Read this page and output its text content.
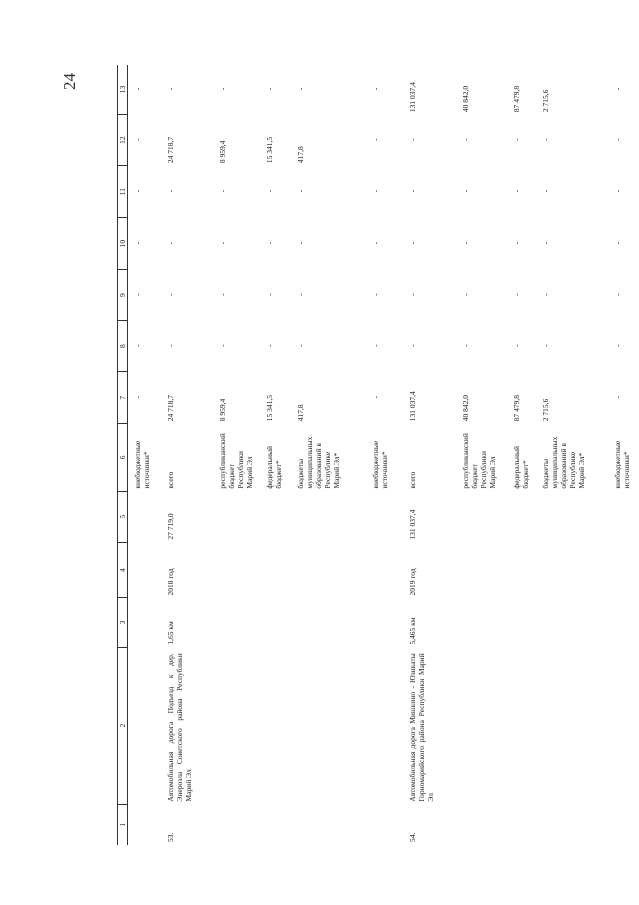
24
1
2
3
4
5
6
7
8
9
10
11
12
13
внебюджетные источники*
-
-
-
-
-
-
-
53.
Автомобильная дорога Подъезд к дер. Энерозла Советского района Республики Марий Эл
1,65 км
2018 год
27 719,0
всего
24 718,7
-
-
-
-
24 718,7
-
республиканский бюджет Республики Марий Эл
8 959,4
-
-
-
-
8 959,4
-
федеральный бюджет*
15 341,5
-
-
-
-
15 341,5
-
бюджеты муниципальных образований в Республике Марий Эл*
417,8
-
-
-
-
417,8
-
внебюджетные источники*
-
-
-
-
-
-
-
54.
Автомобильная дорога Мишкино - Юзикаты Горномарийского района Республики Марий Эл
5,465 км
2019 год
131 037,4
всего
131 037,4
-
-
-
-
-
131 037,4
республиканский бюджет Республики Марий Эл
40 842,0
-
-
-
-
-
40 842,0
федеральный бюджет*
87 479,8
-
-
-
-
-
87 479,8
бюджеты муниципальных образований в Республике Марий Эл*
2 715,6
-
-
-
-
-
2 715,6
внебюджетные источники*
-
-
-
-
-
-
-
